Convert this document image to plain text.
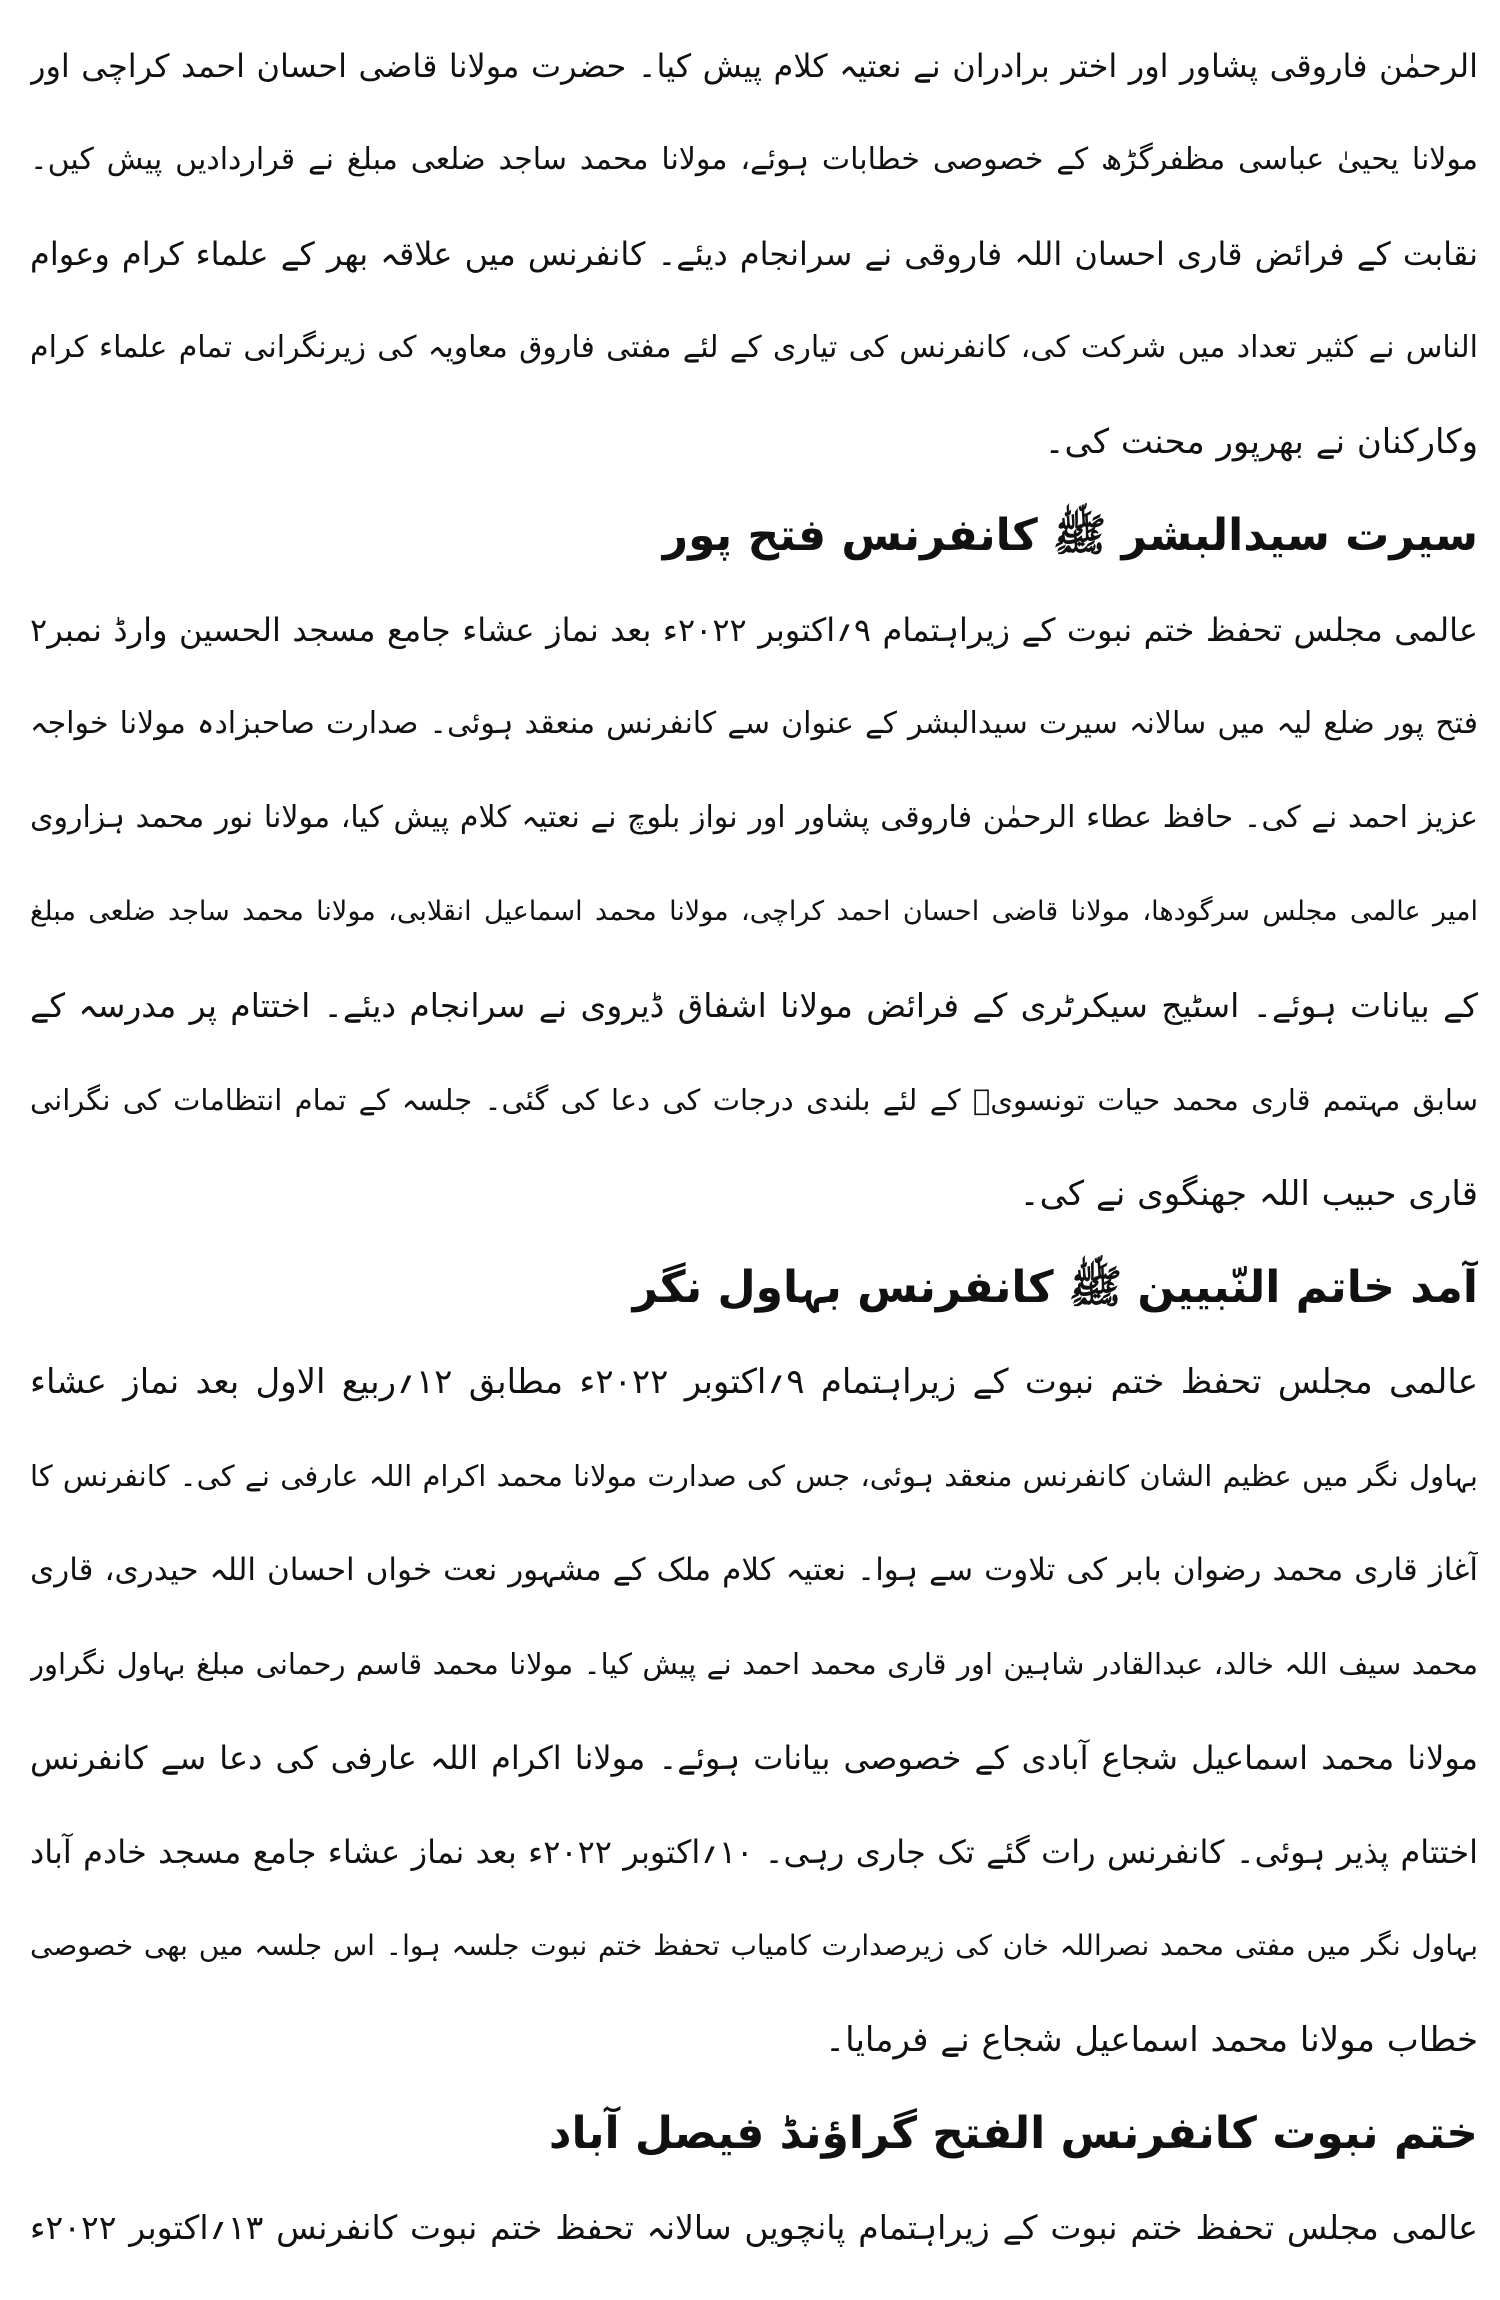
الرحمٰن فاروقی پشاور اور اختر برادران نے نعتیہ کلام پیش کیا۔ حضرت مولانا قاضی احسان احمد کراچی اور
مولانا یحییٰ عباسی مظفرگڑھ کے خصوصی خطابات ہوئے، مولانا محمد ساجد ضلعی مبلغ نے قراردادیں پیش کیں۔
نقابت کے فرائض قاری احسان اللہ فاروقی نے سرانجام دیئے۔ کانفرنس میں علاقہ بھر کے علماء کرام وعوام
الناس نے کثیر تعداد میں شرکت کی، کانفرنس کی تیاری کے لئے مفتی فاروق معاویہ کی زیرنگرانی تمام علماء کرام
وکارکنان نے بھرپور محنت کی۔
سیرت سیدالبشر ﷺ کانفرنس فتح پور
عالمی مجلس تحفظ ختم نبوت کے زیراہتمام ۹؍اکتوبر ۲۰۲۲ء بعد نماز عشاء جامع مسجد الحسین وارڈ نمبر۲
فتح پور ضلع لیہ میں سالانہ سیرت سیدالبشر کے عنوان سے کانفرنس منعقد ہوئی۔ صدارت صاحبزادہ مولانا خواجہ
عزیز احمد نے کی۔ حافظ عطاء الرحمٰن فاروقی پشاور اور نواز بلوچ نے نعتیہ کلام پیش کیا، مولانا نور محمد ہزاروی
امیر عالمی مجلس سرگودھا، مولانا قاضی احسان احمد کراچی، مولانا محمد اسماعیل انقلابی، مولانا محمد ساجد ضلعی مبلغ
کے بیانات ہوئے۔ اسٹیج سیکرٹری کے فرائض مولانا اشفاق ڈیروی نے سرانجام دیئے۔ اختتام پر مدرسہ کے
سابق مہتمم قاری محمد حیات تونسویؒ کے لئے بلندی درجات کی دعا کی گئی۔ جلسہ کے تمام انتظامات کی نگرانی
قاری حبیب اللہ جھنگوی نے کی۔
آمد خاتم النّبیین ﷺ کانفرنس بہاول نگر
عالمی مجلس تحفظ ختم نبوت کے زیراہتمام ۹؍اکتوبر ۲۰۲۲ء مطابق ۱۲؍ربیع الاول بعد نماز عشاء
بہاول نگر میں عظیم الشان کانفرنس منعقد ہوئی، جس کی صدارت مولانا محمد اکرام اللہ عارفی نے کی۔ کانفرنس کا
آغاز قاری محمد رضوان بابر کی تلاوت سے ہوا۔ نعتیہ کلام ملک کے مشہور نعت خواں احسان اللہ حیدری، قاری
محمد سیف اللہ خالد، عبدالقادر شاہین اور قاری محمد احمد نے پیش کیا۔ مولانا محمد قاسم رحمانی مبلغ بہاول نگراور
مولانا محمد اسماعیل شجاع آبادی کے خصوصی بیانات ہوئے۔ مولانا اکرام اللہ عارفی کی دعا سے کانفرنس
اختتام پذیر ہوئی۔ کانفرنس رات گئے تک جاری رہی۔ ۱۰؍اکتوبر ۲۰۲۲ء بعد نماز عشاء جامع مسجد خادم آباد
بہاول نگر میں مفتی محمد نصراللہ خان کی زیرصدارت کامیاب تحفظ ختم نبوت جلسہ ہوا۔ اس جلسہ میں بھی خصوصی
خطاب مولانا محمد اسماعیل شجاع نے فرمایا۔
ختم نبوت کانفرنس الفتح گراؤنڈ فیصل آباد
عالمی مجلس تحفظ ختم نبوت کے زیراہتمام پانچویں سالانہ تحفظ ختم نبوت کانفرنس ۱۳؍اکتوبر ۲۰۲۲ء
